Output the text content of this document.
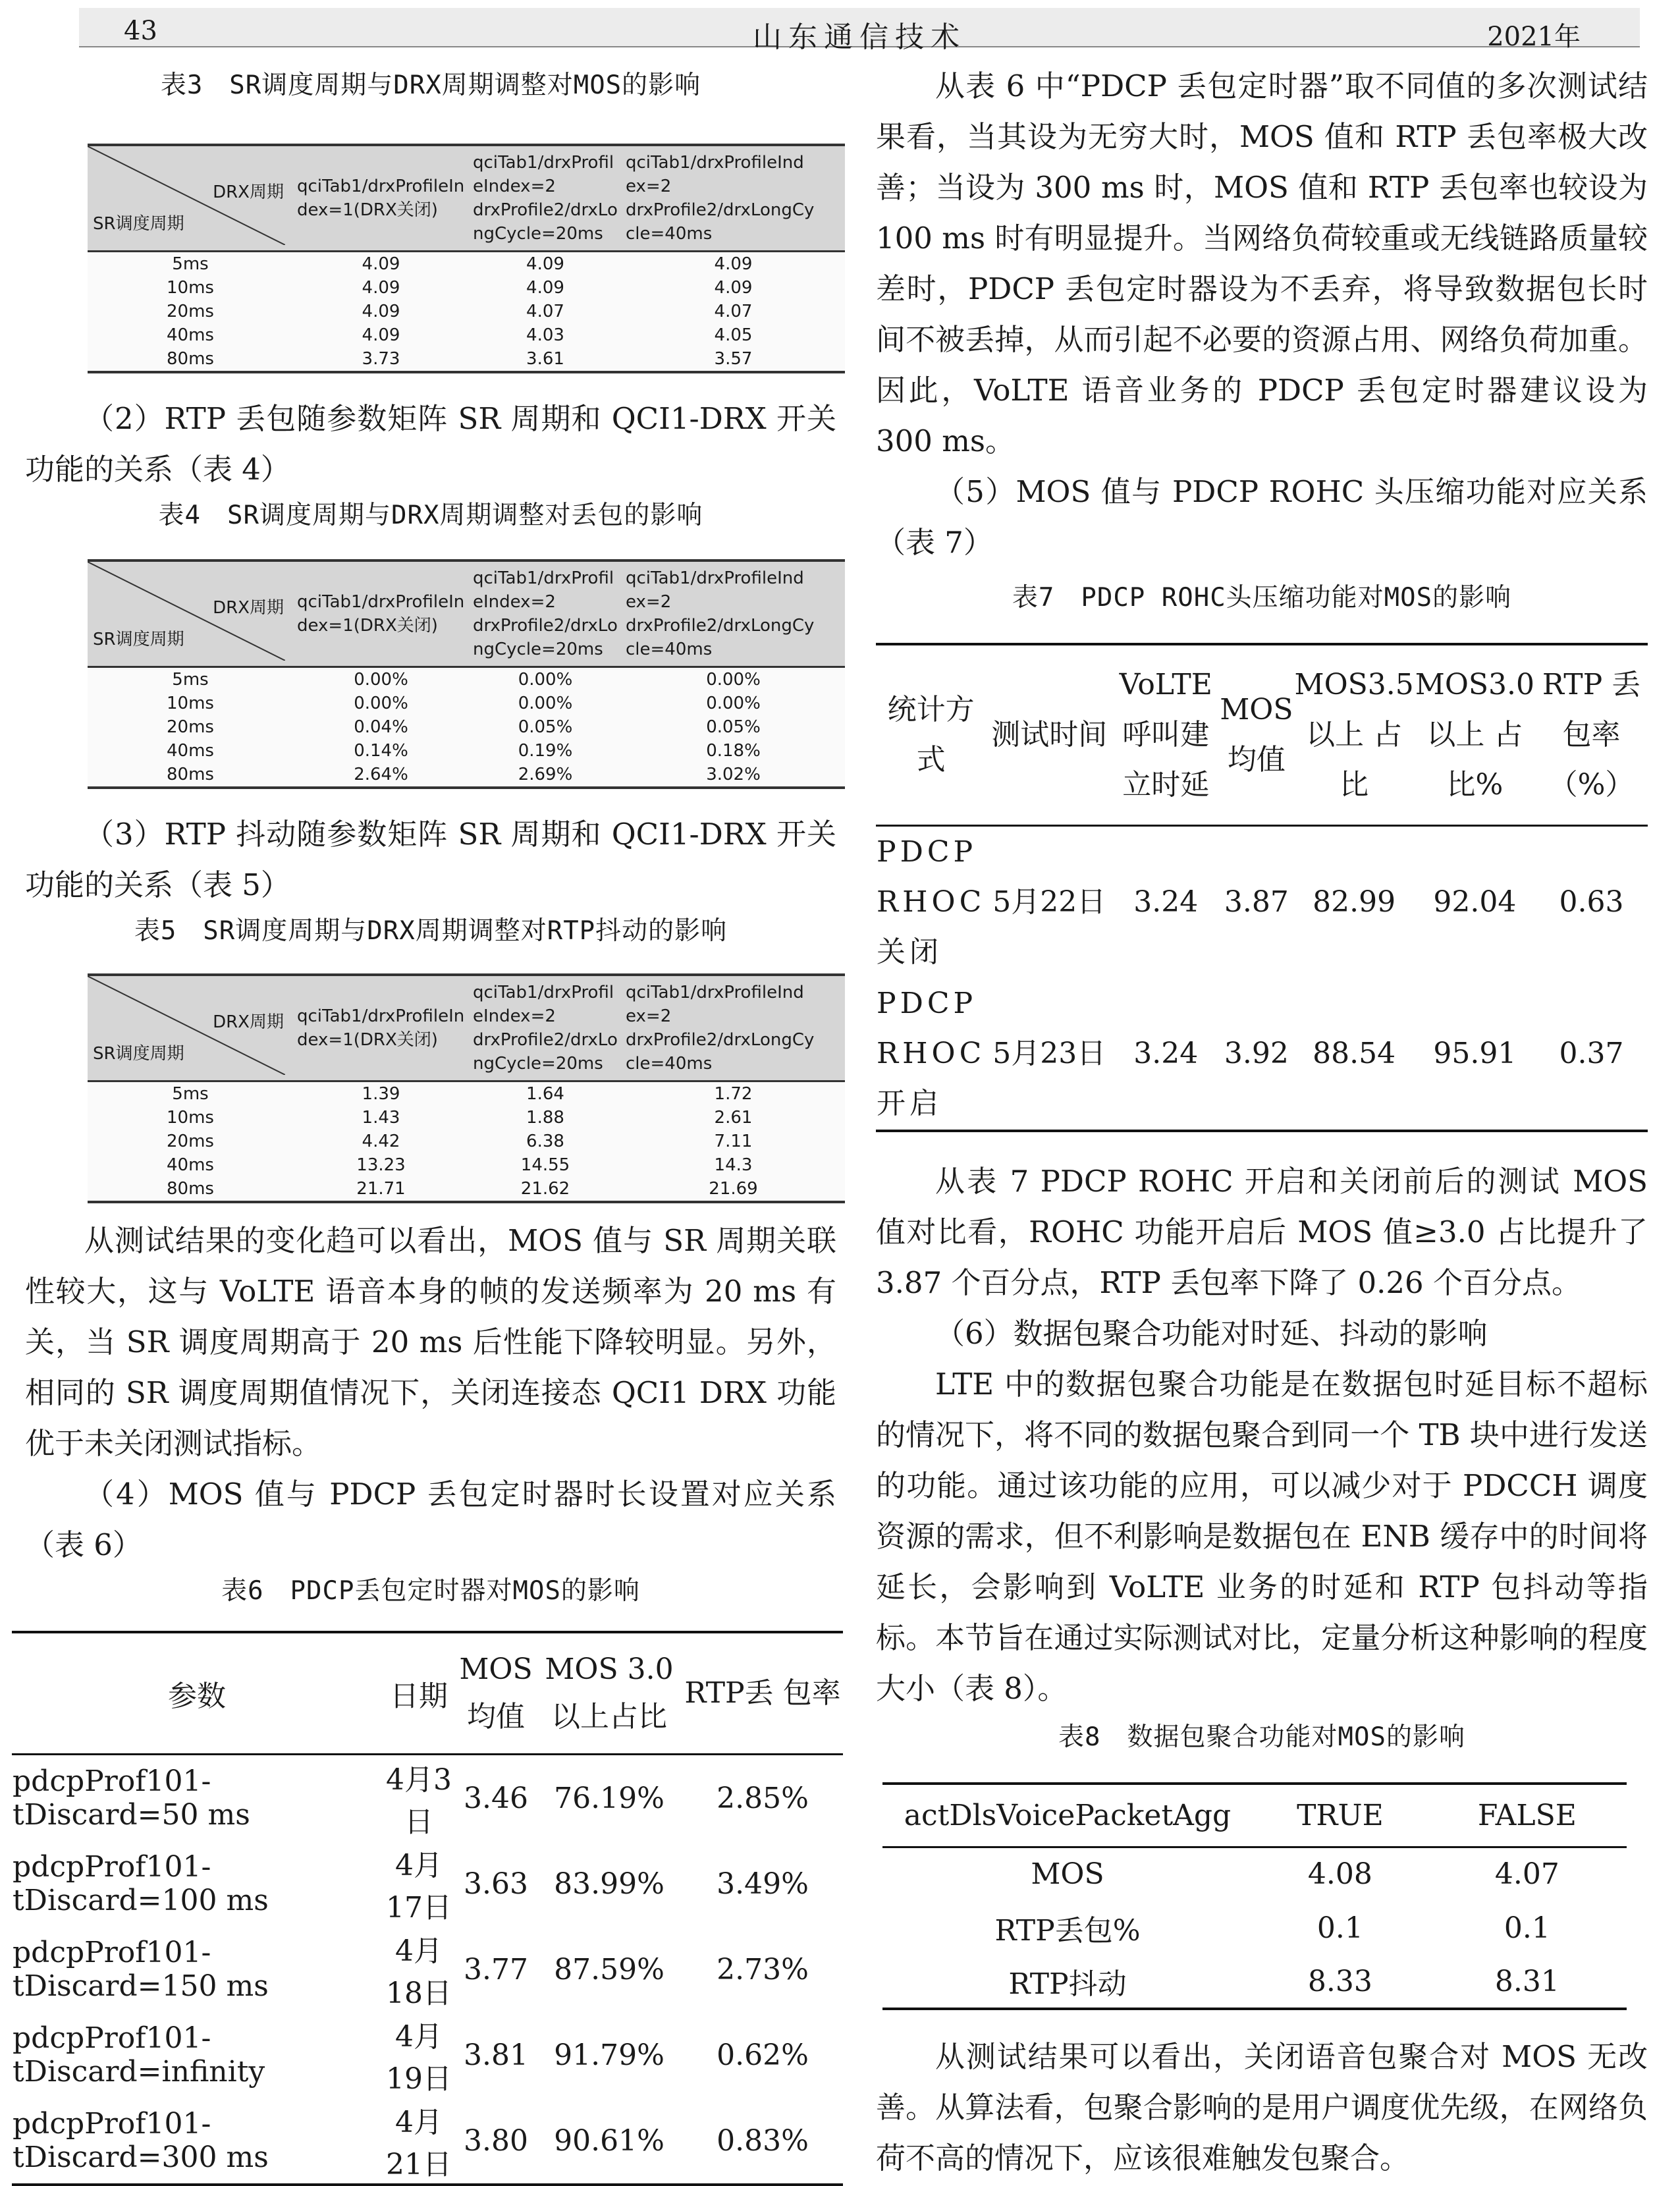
43	山东通信技术	2021年

表3　SR调度周期与DRX周期调整对MOS的影响

DRX周期
SR调度周期	qciTab1/drxProfileIn dex=1(DRX关闭)	qciTab1/drxProfil eIndex=2 drxProfile2/drxLo ngCycle=20ms	qciTab1/drxProfileInd ex=2 drxProfile2/drxLongCy cle=40ms
5ms	4.09	4.09	4.09
10ms	4.09	4.09	4.09
20ms	4.09	4.07	4.07
40ms	4.09	4.03	4.05
80ms	3.73	3.61	3.57

（2）RTP 丢包随参数矩阵 SR 周期和 QCI1-DRX 开关功能的关系（表 4）

表4　SR调度周期与DRX周期调整对丢包的影响

DRX周期
SR调度周期	qciTab1/drxProfileIn dex=1(DRX关闭)	qciTab1/drxProfil eIndex=2 drxProfile2/drxLo ngCycle=20ms	qciTab1/drxProfileInd ex=2 drxProfile2/drxLongCy cle=40ms
5ms	0.00%	0.00%	0.00%
10ms	0.00%	0.00%	0.00%
20ms	0.04%	0.05%	0.05%
40ms	0.14%	0.19%	0.18%
80ms	2.64%	2.69%	3.02%

（3）RTP 抖动随参数矩阵 SR 周期和 QCI1-DRX 开关功能的关系（表 5）

表5　SR调度周期与DRX周期调整对RTP抖动的影响

DRX周期
SR调度周期	qciTab1/drxProfileIn dex=1(DRX关闭)	qciTab1/drxProfil eIndex=2 drxProfile2/drxLo ngCycle=20ms	qciTab1/drxProfileInd ex=2 drxProfile2/drxLongCy cle=40ms
5ms	1.39	1.64	1.72
10ms	1.43	1.88	2.61
20ms	4.42	6.38	7.11
40ms	13.23	14.55	14.3
80ms	21.71	21.62	21.69

从测试结果的变化趋可以看出，MOS 值与 SR 周期关联性较大，这与 VoLTE 语音本身的帧的发送频率为 20 ms 有关，当 SR 调度周期高于 20 ms 后性能下降较明显。另外，相同的 SR 调度周期值情况下，关闭连接态 QCI1 DRX 功能优于未关闭测试指标。

（4）MOS 值与 PDCP 丢包定时器时长设置对应关系（表 6）

表6　PDCP丢包定时器对MOS的影响

参数	日期	MOS 均值	MOS 3.0 以上占比	RTP丢 包率
pdcpProf101-tDiscard=50 ms	4月3日	3.46	76.19%	2.85%
pdcpProf101-tDiscard=100 ms	4月17日	3.63	83.99%	3.49%
pdcpProf101-tDiscard=150 ms	4月18日	3.77	87.59%	2.73%
pdcpProf101-tDiscard=infinity	4月19日	3.81	91.79%	0.62%
pdcpProf101-tDiscard=300 ms	4月21日	3.80	90.61%	0.83%

从表 6 中“PDCP 丢包定时器”取不同值的多次测试结果看，当其设为无穷大时，MOS 值和 RTP 丢包率极大改善；当设为 300 ms 时，MOS 值和 RTP 丢包率也较设为 100 ms 时有明显提升。当网络负荷较重或无线链路质量较差时，PDCP 丢包定时器设为不丢弃，将导致数据包长时间不被丢掉，从而引起不必要的资源占用、网络负荷加重。因此，VoLTE 语音业务的 PDCP 丢包定时器建议设为 300 ms。

（5）MOS 值与 PDCP ROHC 头压缩功能对应关系（表 7）

表7　PDCP ROHC头压缩功能对MOS的影响

统计方式	测试时间	VoLTE 呼叫建 立时延	MOS 均值	MOS3.5 以上 占比	MOS3.0 以上 占比%	RTP 丢包率 （%）
PDCP RHOC 关闭	5月22日	3.24	3.87	82.99	92.04	0.63
PDCP RHOC 开启	5月23日	3.24	3.92	88.54	95.91	0.37

从表 7 PDCP ROHC 开启和关闭前后的测试 MOS 值对比看，ROHC 功能开启后 MOS 值≥3.0 占比提升了 3.87 个百分点，RTP 丢包率下降了 0.26 个百分点。

（6）数据包聚合功能对时延、抖动的影响

LTE 中的数据包聚合功能是在数据包时延目标不超标的情况下，将不同的数据包聚合到同一个 TB 块中进行发送的功能。通过该功能的应用，可以减少对于 PDCCH 调度资源的需求，但不利影响是数据包在 ENB 缓存中的时间将延长，会影响到 VoLTE 业务的时延和 RTP 包抖动等指标。本节旨在通过实际测试对比，定量分析这种影响的程度大小（表 8）。

表8　数据包聚合功能对MOS的影响

actDlsVoicePacketAgg	TRUE	FALSE
MOS	4.08	4.07
RTP丢包%	0.1	0.1
RTP抖动	8.33	8.31

从测试结果可以看出，关闭语音包聚合对 MOS 无改善。从算法看，包聚合影响的是用户调度优先级，在网络负荷不高的情况下，应该很难触发包聚合。
